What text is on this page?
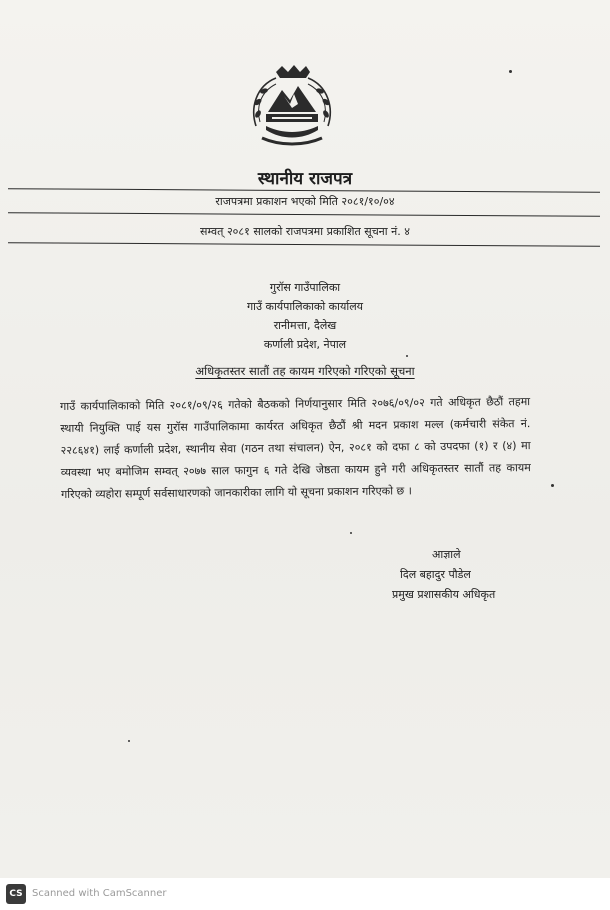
स्थानीय राजपत्र
राजपत्रमा प्रकाशन भएको मिति २०८१/१०/०४
सम्वत् २०८१ सालको राजपत्रमा प्रकाशित सूचना नं. ४
गुरॉस गाउँपालिका
गाउँ कार्यपालिकाको कार्यालय
रानीमत्ता, दैलेख
कर्णाली प्रदेश, नेपाल
अधिकृतस्तर सातौं तह कायम गरिएको गरिएको सूचना
गाउँ कार्यपालिकाको मिति २०८१/०९/२६ गतेको बैठकको निर्णयानुसार मिति २०७६/०९/०२ गते अधिकृत छैठौं तहमा स्थायी नियुक्ति पाई यस गुरॉस गाउँपालिकामा कार्यरत अधिकृत छैठौं श्री मदन प्रकाश मल्ल (कर्मचारी संकेत नं. २२८६४१) लाई कर्णाली प्रदेश, स्थानीय सेवा (गठन तथा संचालन) ऐन, २०८१ को दफा ८ को उपदफा (१) र (४) मा व्यवस्था भए बमोजिम सम्वत् २०७७ साल फागुन ६ गते देखि जेष्ठता कायम हुने गरी अधिकृतस्तर सातौं तह कायम गरिएको व्यहोरा सम्पूर्ण सर्वसाधारणको जानकारीका लागि यो सूचना प्रकाशन गरिएको छ ।
आज्ञाले
दिल बहादुर पौडेल
प्रमुख प्रशासकीय अधिकृत
CS Scanned with CamScanner
